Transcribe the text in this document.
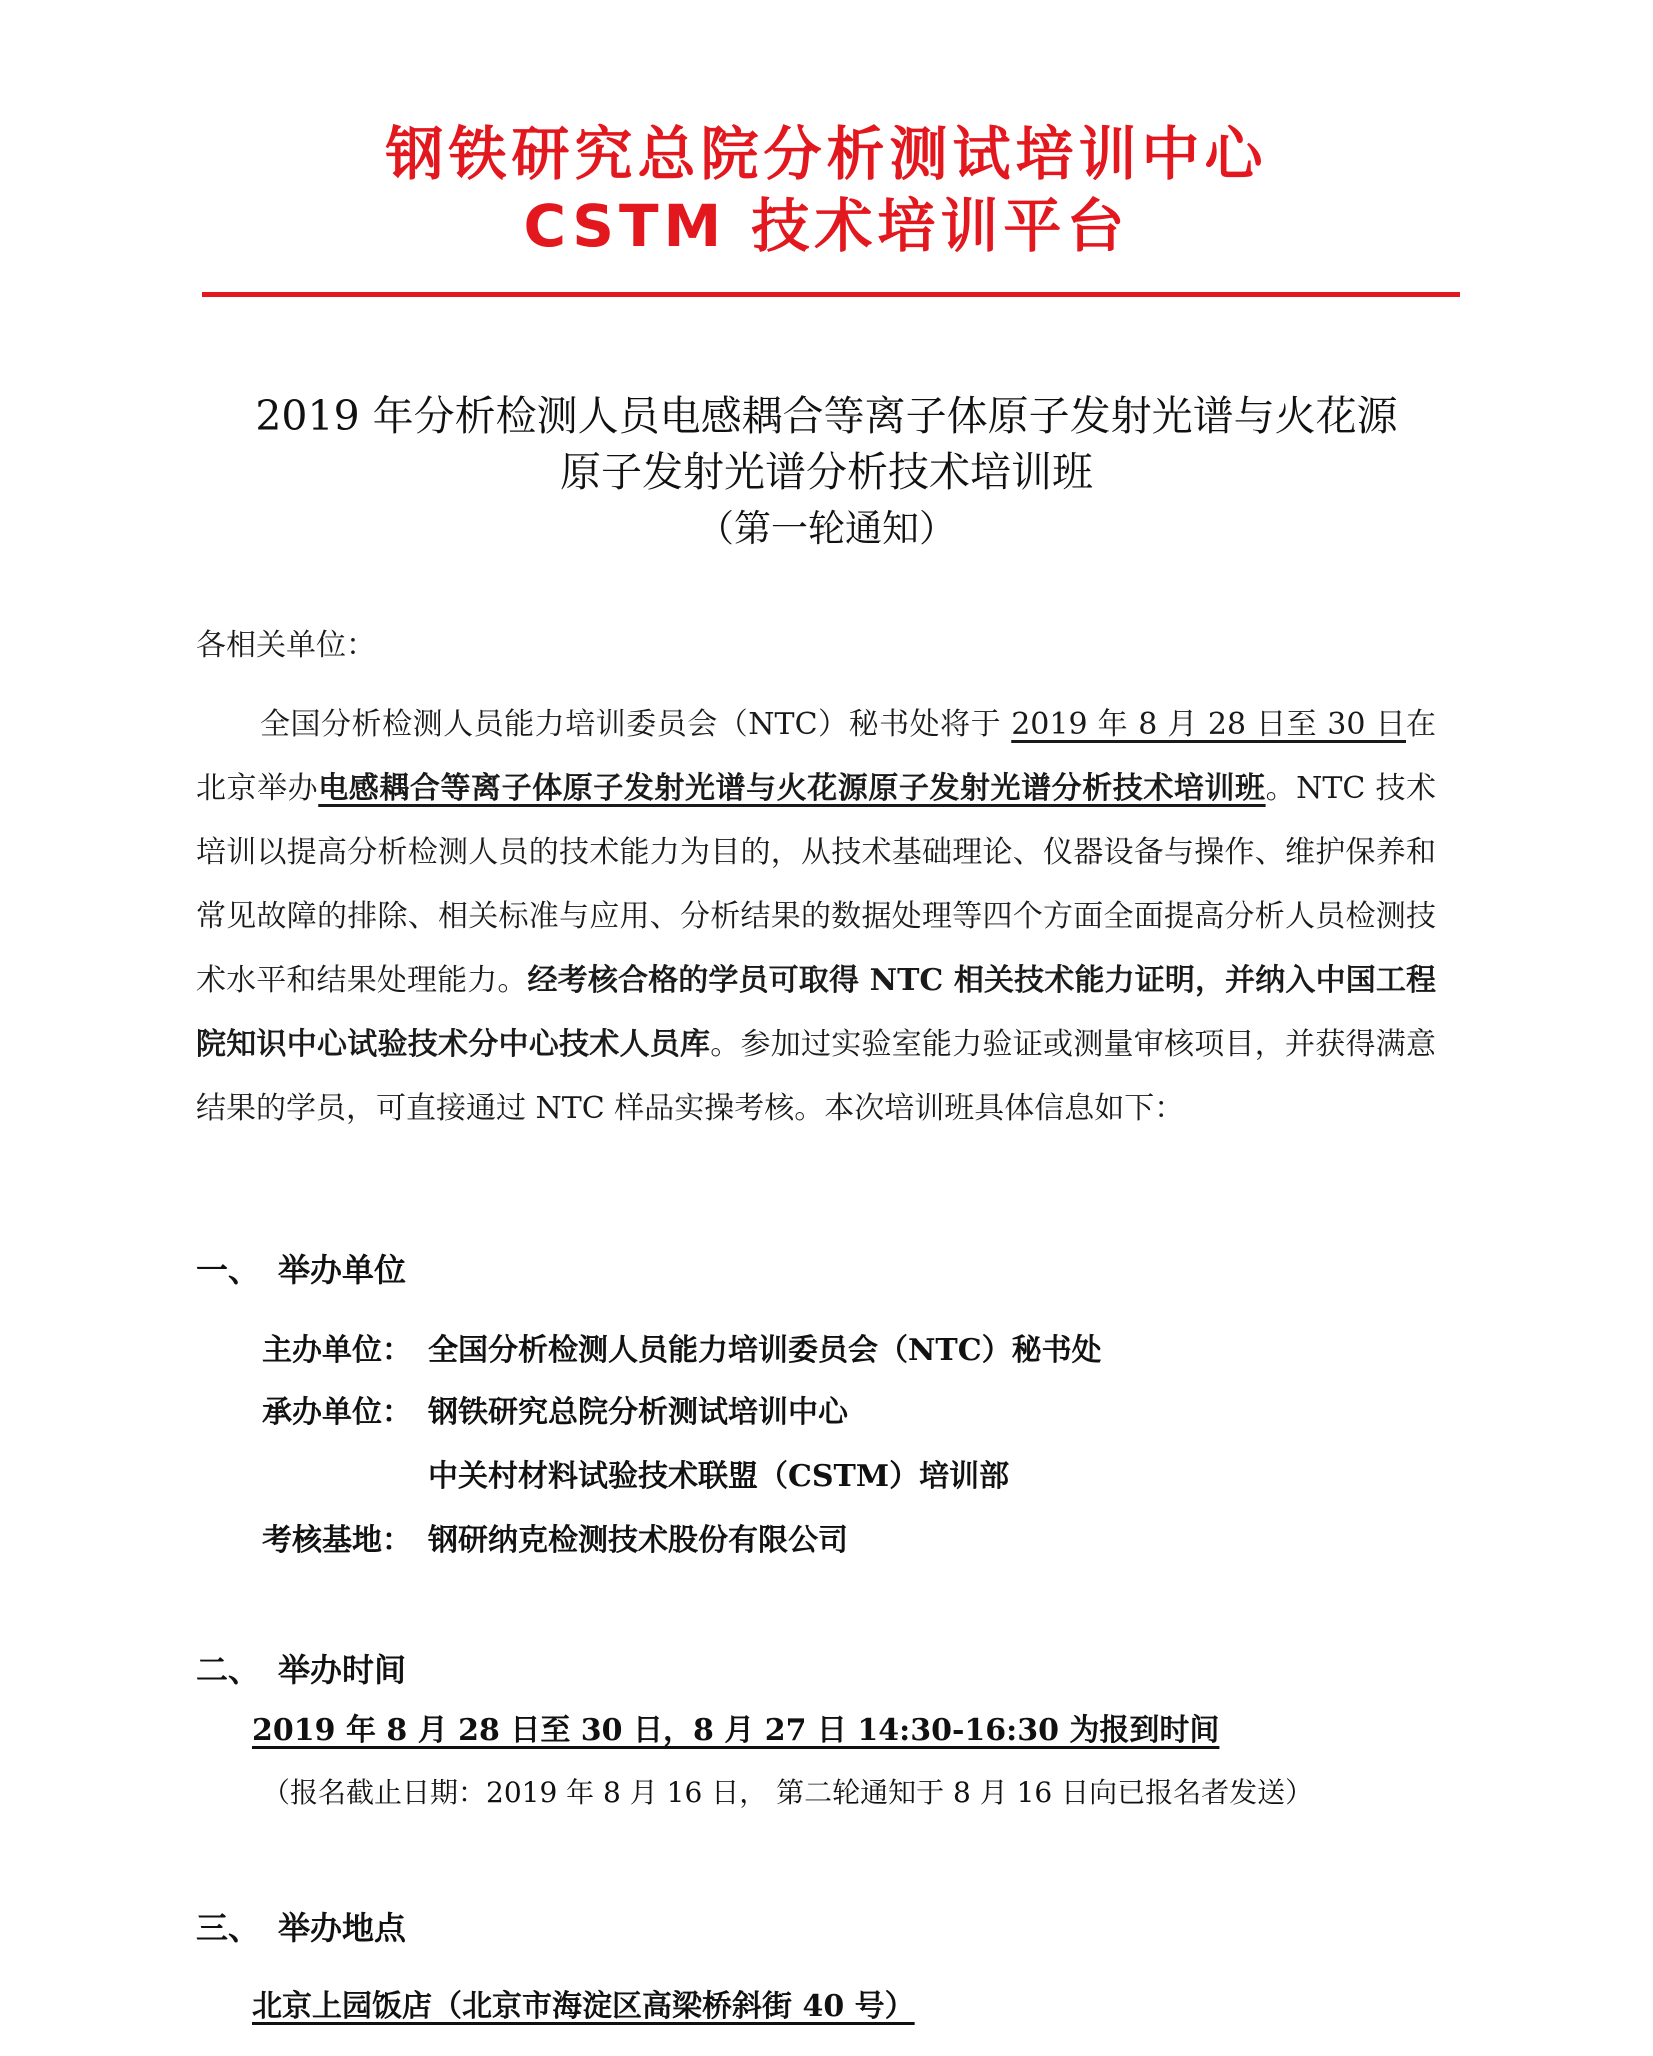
钢铁研究总院分析测试培训中心
CSTM 技术培训平台
2019 年分析检测人员电感耦合等离子体原子发射光谱与火花源
原子发射光谱分析技术培训班
（第一轮通知）
各相关单位：
全国分析检测人员能力培训委员会（NTC）秘书处将于 2019 年 8 月 28 日至 30 日在北京举办电感耦合等离子体原子发射光谱与火花源原子发射光谱分析技术培训班。NTC 技术培训以提高分析检测人员的技术能力为目的，从技术基础理论、仪器设备与操作、维护保养和常见故障的排除、相关标准与应用、分析结果的数据处理等四个方面全面提高分析人员检测技术水平和结果处理能力。经考核合格的学员可取得 NTC 相关技术能力证明，并纳入中国工程院知识中心试验技术分中心技术人员库。参加过实验室能力验证或测量审核项目，并获得满意结果的学员，可直接通过 NTC 样品实操考核。本次培训班具体信息如下：
一、 举办单位
主办单位： 全国分析检测人员能力培训委员会（NTC）秘书处
承办单位： 钢铁研究总院分析测试培训中心
中关村材料试验技术联盟（CSTM）培训部
考核基地： 钢研纳克检测技术股份有限公司
二、 举办时间
2019 年 8 月 28 日至 30 日，8 月 27 日 14:30-16:30 为报到时间
（报名截止日期：2019 年 8 月 16 日， 第二轮通知于 8 月 16 日向已报名者发送）
三、 举办地点
北京上园饭店（北京市海淀区高梁桥斜街 40 号）
